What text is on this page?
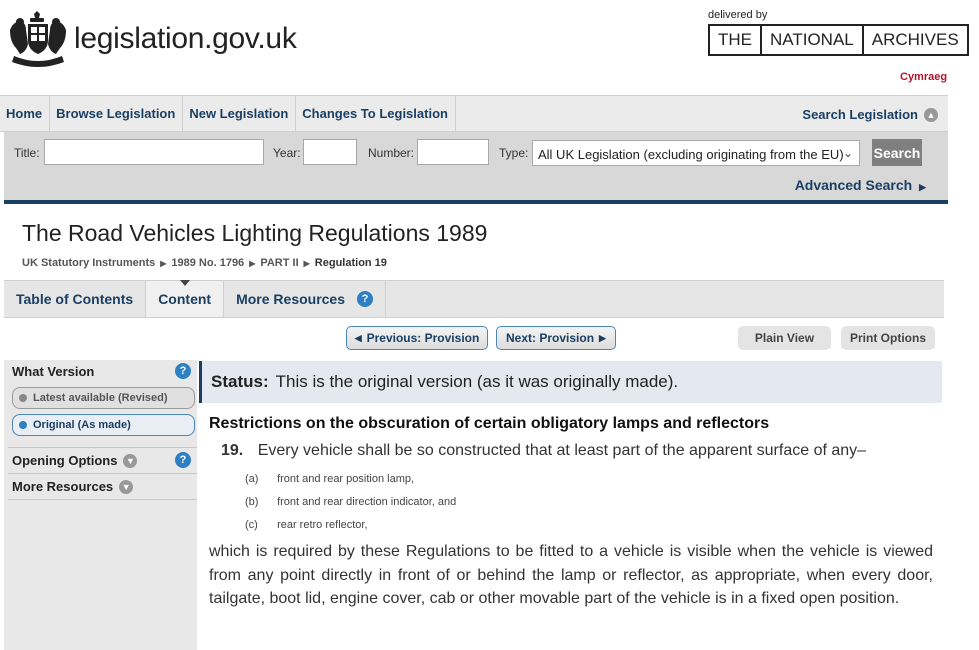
legislation.gov.uk
delivered by
THE	NATIONAL	ARCHIVES
Cymraeg
Home	Browse Legislation	New Legislation	Changes To Legislation	Search Legislation ▲
Title:	Year:	Number:	Type: All UK Legislation (excluding originating from the EU) ⌄ Search
Advanced Search ▶
The Road Vehicles Lighting Regulations 1989
UK Statutory Instruments ▶ 1989 No. 1796 ▶ PART II ▶ Regulation 19
Table of Contents	Content	More Resources	?
◀ Previous: Provision Next: Provision ▶	Plain View	Print Options
What Version	?
Latest available (Revised)
Original (As made)
Opening Options ▼	?
More Resources ▼
Status: This is the original version (as it was originally made).
Restrictions on the obscuration of certain obligatory lamps and reflectors
19. Every vehicle shall be so constructed that at least part of the apparent surface of any–
(a) front and rear position lamp,
(b) front and rear direction indicator, and
(c) rear retro reflector,

which is required by these Regulations to be fitted to a vehicle is visible when the vehicle is viewed from any point directly in front of or behind the lamp or reflector, as appropriate, when every door, tailgate, boot lid, engine cover, cab or other movable part of the vehicle is in a fixed open position.
